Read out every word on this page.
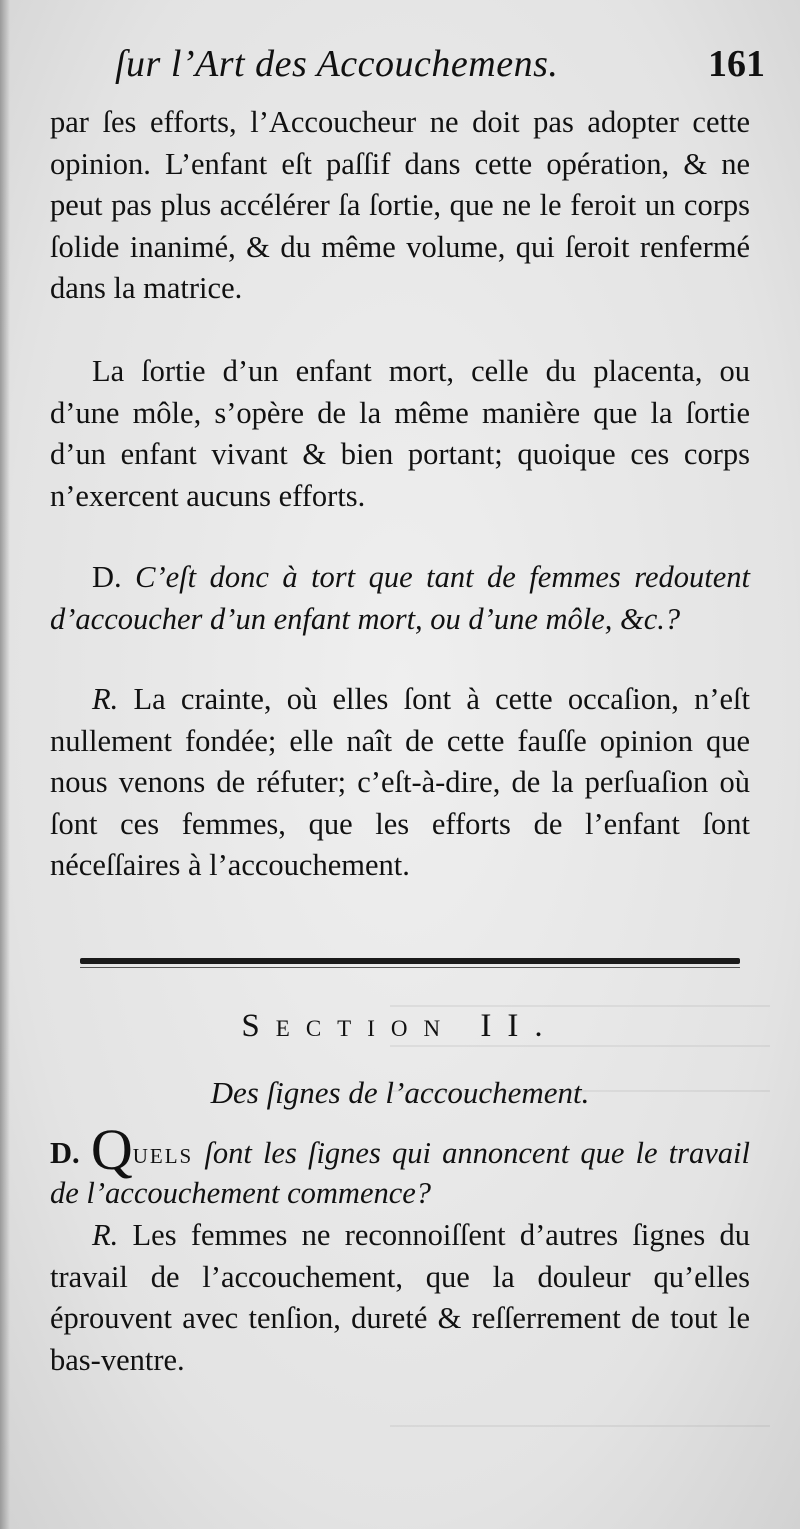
ſur l’Art des Accouchemens.	161

par ſes efforts, l’Accoucheur ne doit pas adopter cette opinion. L’enfant eſt paſſif dans cette opération, & ne peut pas plus accélérer ſa ſortie, que ne le feroit un corps ſolide inanimé, & du même volume, qui ſeroit renfermé dans la matrice.

La ſortie d’un enfant mort, celle du placenta, ou d’une môle, s’opère de la même manière que la ſortie d’un enfant vivant & bien portant; quoique ces corps n’exercent aucuns efforts.

D. C’eſt donc à tort que tant de femmes redoutent d’accoucher d’un enfant mort, ou d’une môle, &c.?

R. La crainte, où elles ſont à cette occaſion, n’eſt nullement fondée; elle naît de cette fauſſe opinion que nous venons de réfuter; c’eſt-à-dire, de la perſuaſion où ſont ces femmes, que les efforts de l’enfant ſont néceſſaires à l’accouchement.

Section II.
Des ſignes de l’accouchement.

D. Quels ſont les ſignes qui annoncent que le travail de l’accouchement commence?

R. Les femmes ne reconnoiſſent d’autres ſignes du travail de l’accouchement, que la douleur qu’elles éprouvent avec tenſion, dureté & reſſerrement de tout le bas-ventre.
